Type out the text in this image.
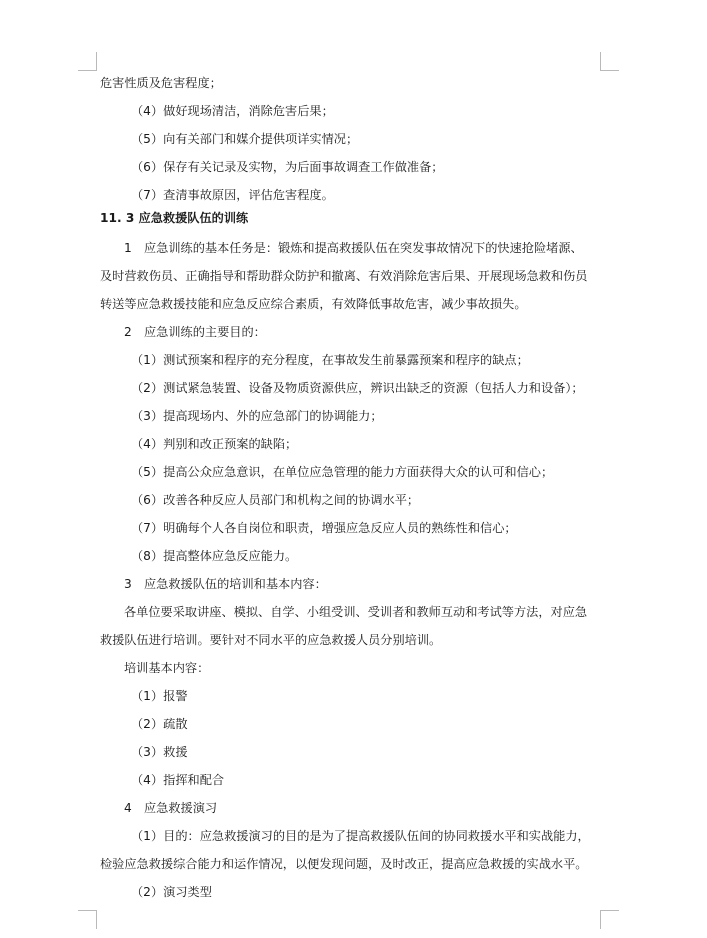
危害性质及危害程度；
（4）做好现场清洁，消除危害后果；
（5）向有关部门和媒介提供项详实情况；
（6）保存有关记录及实物，为后面事故调查工作做准备；
（7）查清事故原因，评估危害程度。
11. 3 应急救援队伍的训练
1　应急训练的基本任务是：锻炼和提高救援队伍在突发事故情况下的快速抢险堵源、
及时营救伤员、正确指导和帮助群众防护和撤离、有效消除危害后果、开展现场急救和伤员
转送等应急救援技能和应急反应综合素质，有效降低事故危害，减少事故损失。
2　应急训练的主要目的：
（1）测试预案和程序的充分程度，在事故发生前暴露预案和程序的缺点；
（2）测试紧急装置、设备及物质资源供应，辨识出缺乏的资源（包括人力和设备）；
（3）提高现场内、外的应急部门的协调能力；
（4）判别和改正预案的缺陷；
（5）提高公众应急意识，在单位应急管理的能力方面获得大众的认可和信心；
（6）改善各种反应人员部门和机构之间的协调水平；
（7）明确每个人各自岗位和职责，增强应急反应人员的熟练性和信心；
（8）提高整体应急反应能力。
3　应急救援队伍的培训和基本内容：
各单位要采取讲座、模拟、自学、小组受训、受训者和教师互动和考试等方法，对应急
救援队伍进行培训。要针对不同水平的应急救援人员分别培训。
培训基本内容：
（1）报警
（2）疏散
（3）救援
（4）指挥和配合
4　应急救援演习
（1）目的：应急救援演习的目的是为了提高救援队伍间的协同救援水平和实战能力，
检验应急救援综合能力和运作情况，以便发现问题，及时改正，提高应急救援的实战水平。
（2）演习类型
